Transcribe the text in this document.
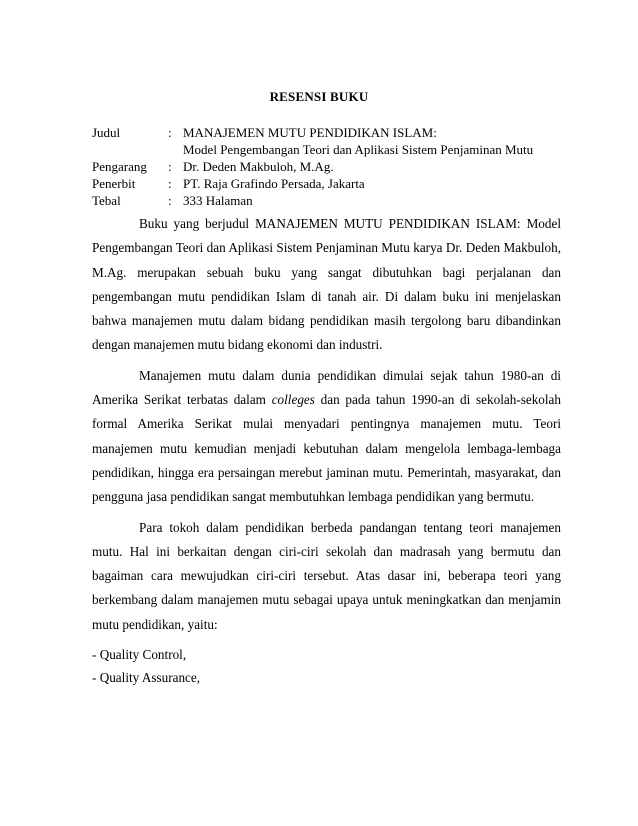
RESENSI BUKU
Judul	: MANAJEMEN MUTU PENDIDIKAN ISLAM:
Model Pengembangan Teori dan Aplikasi Sistem Penjaminan Mutu
Pengarang	: Dr. Deden Makbuloh, M.Ag.
Penerbit	: PT. Raja Grafindo Persada, Jakarta
Tebal	: 333 Halaman

Buku yang berjudul MANAJEMEN MUTU PENDIDIKAN ISLAM: Model Pengembangan Teori dan Aplikasi Sistem Penjaminan Mutu karya Dr. Deden Makbuloh, M.Ag. merupakan sebuah buku yang sangat dibutuhkan bagi perjalanan dan pengembangan mutu pendidikan Islam di tanah air. Di dalam buku ini menjelaskan bahwa manajemen mutu dalam bidang pendidikan masih tergolong baru dibandinkan dengan manajemen mutu bidang ekonomi dan industri.

Manajemen mutu dalam dunia pendidikan dimulai sejak tahun 1980-an di Amerika Serikat terbatas dalam colleges dan pada tahun 1990-an di sekolah-sekolah formal Amerika Serikat mulai menyadari pentingnya manajemen mutu. Teori manajemen mutu kemudian menjadi kebutuhan dalam mengelola lembaga-lembaga pendidikan, hingga era persaingan merebut jaminan mutu. Pemerintah, masyarakat, dan pengguna jasa pendidikan sangat membutuhkan lembaga pendidikan yang bermutu.

Para tokoh dalam pendidikan berbeda pandangan tentang teori manajemen mutu. Hal ini berkaitan dengan ciri-ciri sekolah dan madrasah yang bermutu dan bagaiman cara mewujudkan ciri-ciri tersebut. Atas dasar ini, beberapa teori yang berkembang dalam manajemen mutu sebagai upaya untuk meningkatkan dan menjamin mutu pendidikan, yaitu:

- Quality Control,
- Quality Assurance,
